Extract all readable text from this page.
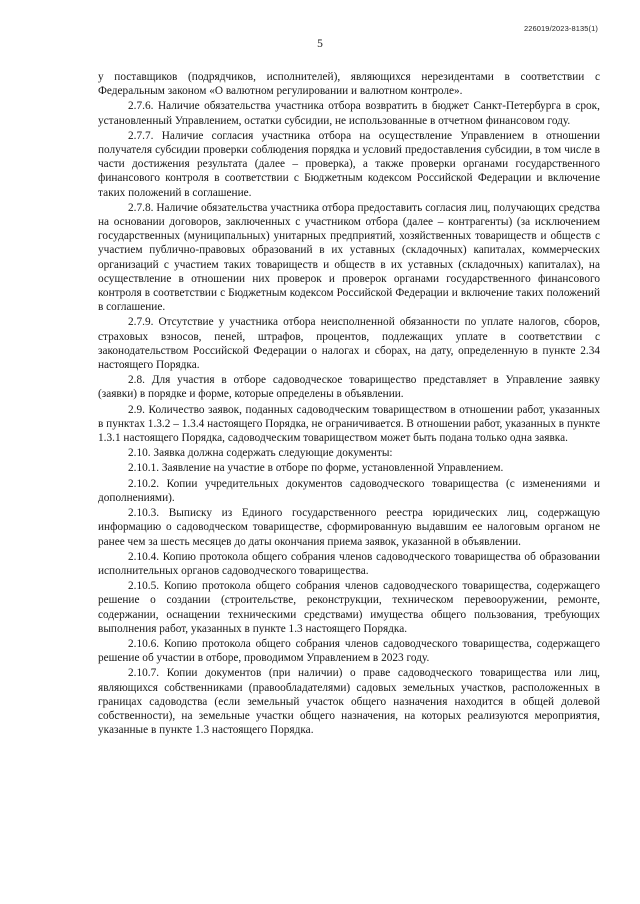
226019/2023-8135(1)
5

у поставщиков (подрядчиков, исполнителей), являющихся нерезидентами в соответствии с Федеральным законом «О валютном регулировании и валютном контроле».

2.7.6. Наличие обязательства участника отбора возвратить в бюджет Санкт-Петербурга в срок, установленный Управлением, остатки субсидии, не использованные в отчетном финансовом году.

2.7.7. Наличие согласия участника отбора на осуществление Управлением в отношении получателя субсидии проверки соблюдения порядка и условий предоставления субсидии, в том числе в части достижения результата (далее – проверка), а также проверки органами государственного финансового контроля в соответствии с Бюджетным кодексом Российской Федерации и включение таких положений в соглашение.

2.7.8. Наличие обязательства участника отбора предоставить согласия лиц, получающих средства на основании договоров, заключенных с участником отбора (далее – контрагенты) (за исключением государственных (муниципальных) унитарных предприятий, хозяйственных товариществ и обществ с участием публично-правовых образований в их уставных (складочных) капиталах, коммерческих организаций с участием таких товариществ и обществ в их уставных (складочных) капиталах), на осуществление в отношении них проверок и проверок органами государственного финансового контроля в соответствии с Бюджетным кодексом Российской Федерации и включение таких положений в соглашение.

2.7.9. Отсутствие у участника отбора неисполненной обязанности по уплате налогов, сборов, страховых взносов, пеней, штрафов, процентов, подлежащих уплате в соответствии с законодательством Российской Федерации о налогах и сборах, на дату, определенную в пункте 2.34 настоящего Порядка.

2.8. Для участия в отборе садоводческое товарищество представляет в Управление заявку (заявки) в порядке и форме, которые определены в объявлении.

2.9. Количество заявок, поданных садоводческим товариществом в отношении работ, указанных в пунктах 1.3.2 – 1.3.4 настоящего Порядка, не ограничивается. В отношении работ, указанных в пункте 1.3.1 настоящего Порядка, садоводческим товариществом может быть подана только одна заявка.

2.10. Заявка должна содержать следующие документы:

2.10.1. Заявление на участие в отборе по форме, установленной Управлением.

2.10.2. Копии учредительных документов садоводческого товарищества (с изменениями и дополнениями).

2.10.3. Выписку из Единого государственного реестра юридических лиц, содержащую информацию о садоводческом товариществе, сформированную выдавшим ее налоговым органом не ранее чем за шесть месяцев до даты окончания приема заявок, указанной в объявлении.

2.10.4. Копию протокола общего собрания членов садоводческого товарищества об образовании исполнительных органов садоводческого товарищества.

2.10.5. Копию протокола общего собрания членов садоводческого товарищества, содержащего решение о создании (строительстве, реконструкции, техническом перевооружении, ремонте, содержании, оснащении техническими средствами) имущества общего пользования, требующих выполнения работ, указанных в пункте 1.3 настоящего Порядка.

2.10.6. Копию протокола общего собрания членов садоводческого товарищества, содержащего решение об участии в отборе, проводимом Управлением в 2023 году.

2.10.7. Копии документов (при наличии) о праве садоводческого товарищества или лиц, являющихся собственниками (правообладателями) садовых земельных участков, расположенных в границах садоводства (если земельный участок общего назначения находится в общей долевой собственности), на земельные участки общего назначения, на которых реализуются мероприятия, указанные в пункте 1.3 настоящего Порядка.
